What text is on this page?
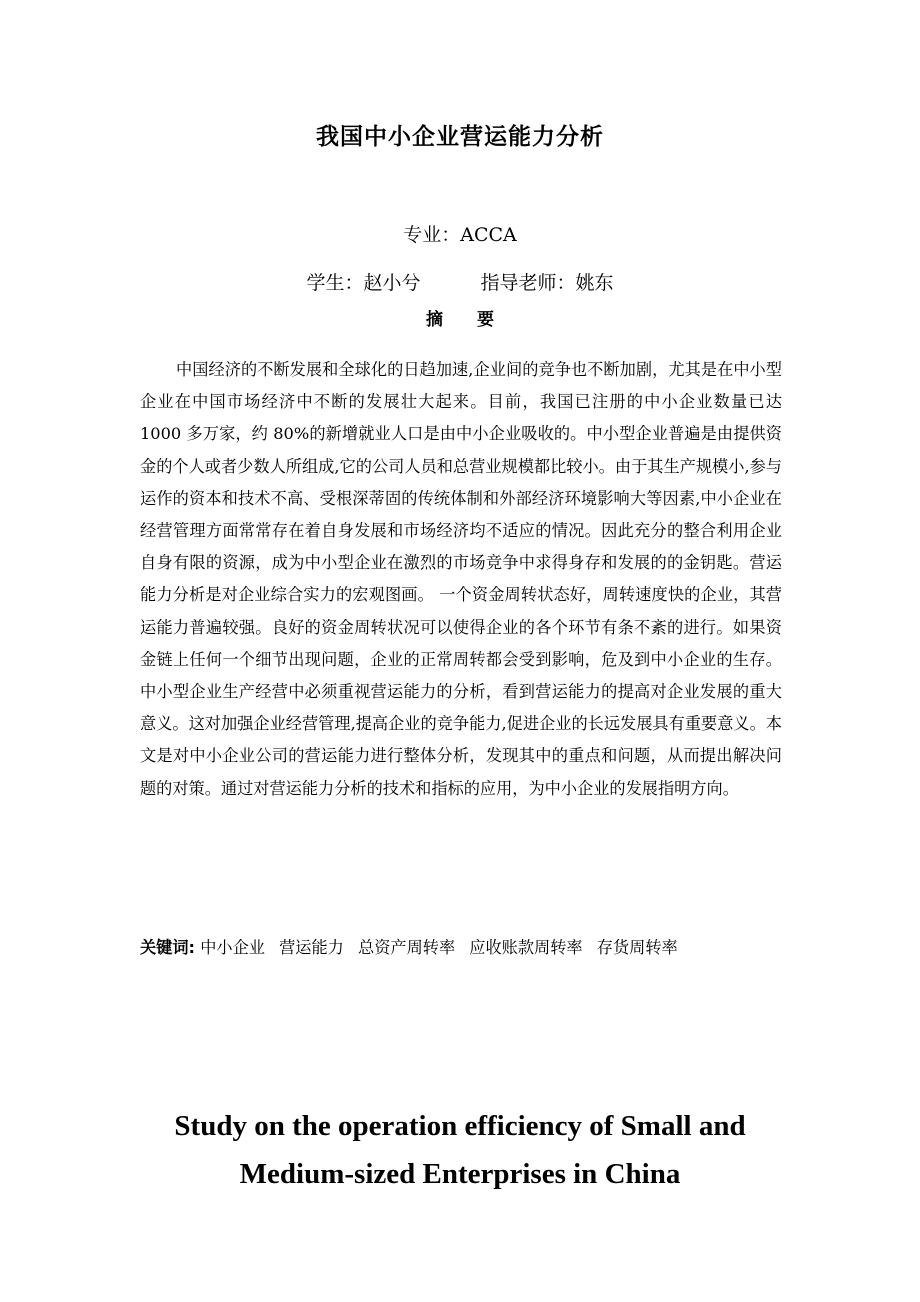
我国中小企业营运能力分析
专业：ACCA
学生：赵小兮	指导老师：姚东
摘 要

中国经济的不断发展和全球化的日趋加速,企业间的竞争也不断加剧，尤其是在中小型企业在中国市场经济中不断的发展壮大起来。目前，我国已注册的中小企业数量已达 1000 多万家，约 80%的新增就业人口是由中小企业吸收的。中小型企业普遍是由提供资金的个人或者少数人所组成,它的公司人员和总营业规模都比较小。由于其生产规模小,参与运作的资本和技术不高、受根深蒂固的传统体制和外部经济环境影响大等因素,中小企业在经营管理方面常常存在着自身发展和市场经济均不适应的情况。因此充分的整合利用企业自身有限的资源，成为中小型企业在激烈的市场竞争中求得身存和发展的的金钥匙。营运能力分析是对企业综合实力的宏观图画。 一个资金周转状态好，周转速度快的企业，其营运能力普遍较强。良好的资金周转状况可以使得企业的各个环节有条不紊的进行。如果资金链上任何一个细节出现问题，企业的正常周转都会受到影响，危及到中小企业的生存。中小型企业生产经营中必须重视营运能力的分析，看到营运能力的提高对企业发展的重大意义。这对加强企业经营管理,提高企业的竞争能力,促进企业的长远发展具有重要意义。本文是对中小企业公司的营运能力进行整体分析，发现其中的重点和问题，从而提出解决问题的对策。通过对营运能力分析的技术和指标的应用，为中小企业的发展指明方向。

关键词: 中小企业 营运能力 总资产周转率 应收账款周转率 存货周转率
Study on the operation efficiency of Small and
Medium-sized Enterprises in China
